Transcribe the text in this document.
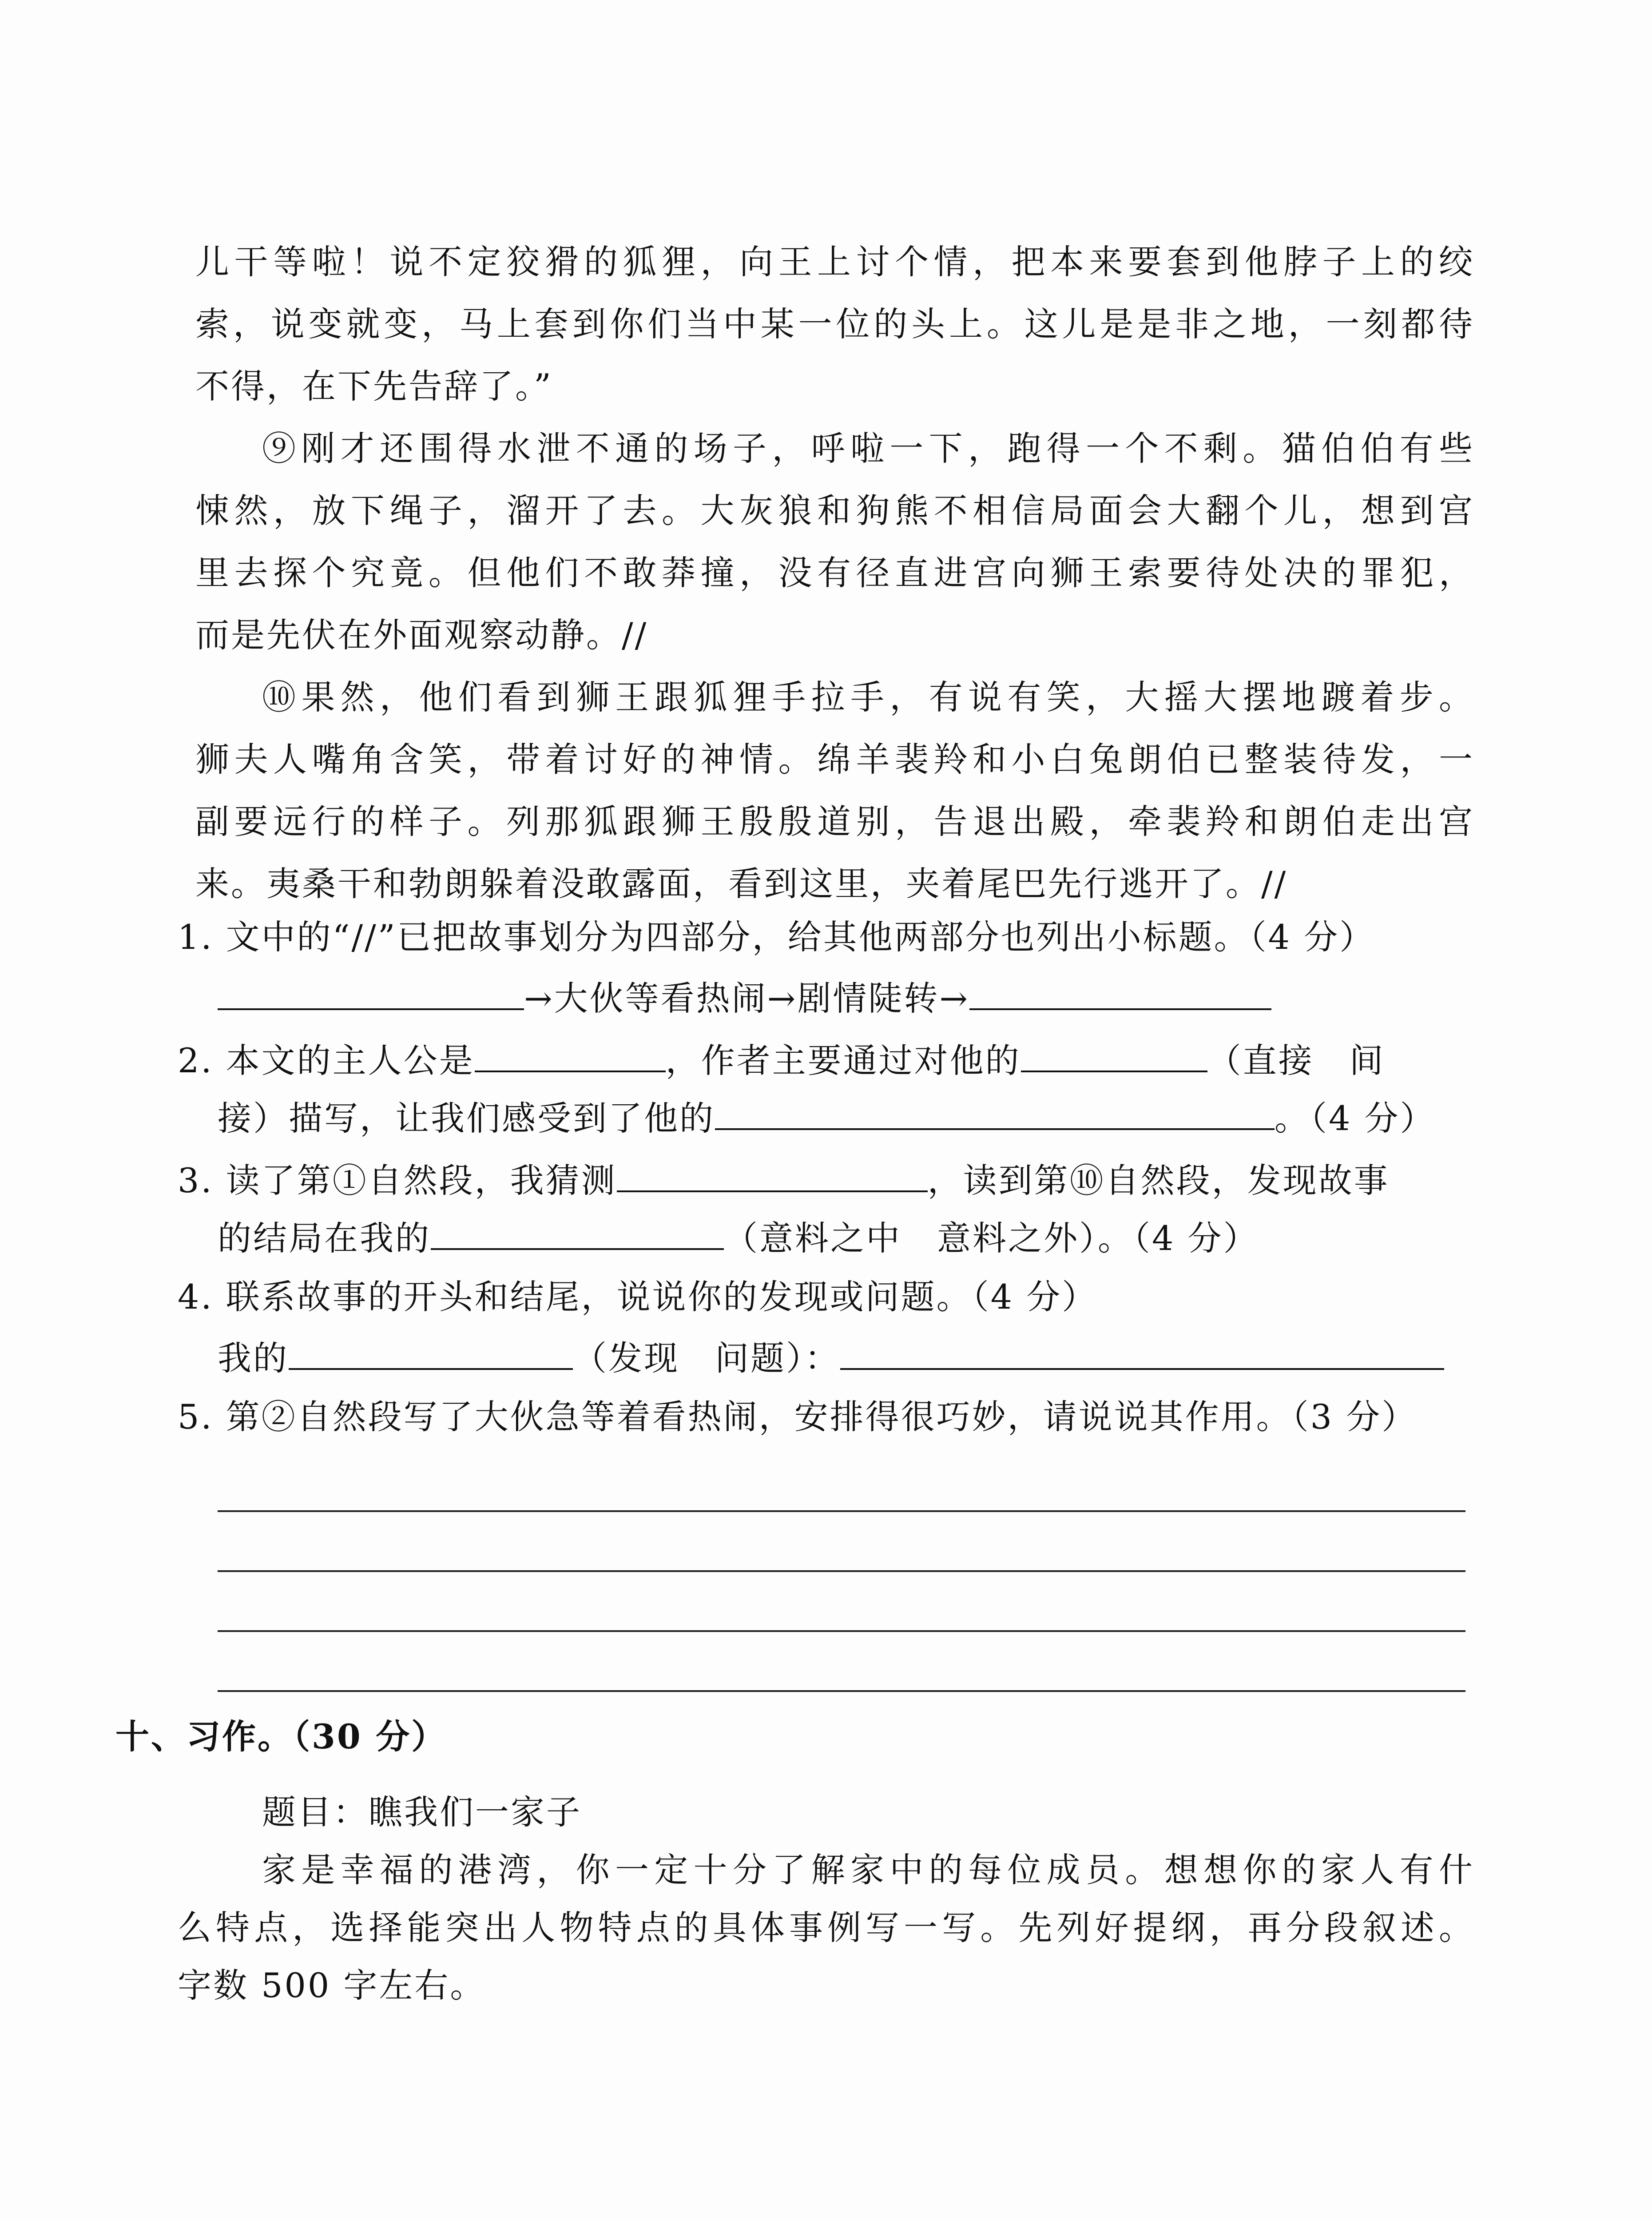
儿干等啦！说不定狡猾的狐狸，向王上讨个情，把本来要套到他脖子上的绞
索，说变就变，马上套到你们当中某一位的头上。这儿是是非之地，一刻都待
不得，在下先告辞了。”
⑨刚才还围得水泄不通的场子，呼啦一下，跑得一个不剩。猫伯伯有些
悚然，放下绳子，溜开了去。大灰狼和狗熊不相信局面会大翻个儿，想到宫
里去探个究竟。但他们不敢莽撞，没有径直进宫向狮王索要待处决的罪犯，
而是先伏在外面观察动静。//
⑩果然，他们看到狮王跟狐狸手拉手，有说有笑，大摇大摆地踱着步。
狮夫人嘴角含笑，带着讨好的神情。绵羊裴羚和小白兔朗伯已整装待发，一
副要远行的样子。列那狐跟狮王殷殷道别，告退出殿，牵裴羚和朗伯走出宫
来。夷桑干和勃朗躲着没敢露面，看到这里，夹着尾巴先行逃开了。//
1. 文中的“//”已把故事划分为四部分，给其他两部分也列出小标题。（4 分）
→大伙等看热闹→剧情陡转→
2. 本文的主人公是	，作者主要通过对他的	（直接　间
接）描写，让我们感受到了他的	。（4 分）
3. 读了第①自然段，我猜测	，读到第⑩自然段，发现故事
的结局在我的	（意料之中　意料之外）。（4 分）
4. 联系故事的开头和结尾，说说你的发现或问题。（4 分）
我的	（发现　问题）：
5. 第②自然段写了大伙急等着看热闹，安排得很巧妙，请说说其作用。（3 分）
十、习作。（30 分）
题目：瞧我们一家子
家是幸福的港湾，你一定十分了解家中的每位成员。想想你的家人有什
么特点，选择能突出人物特点的具体事例写一写。先列好提纲，再分段叙述。
字数 500 字左右。
